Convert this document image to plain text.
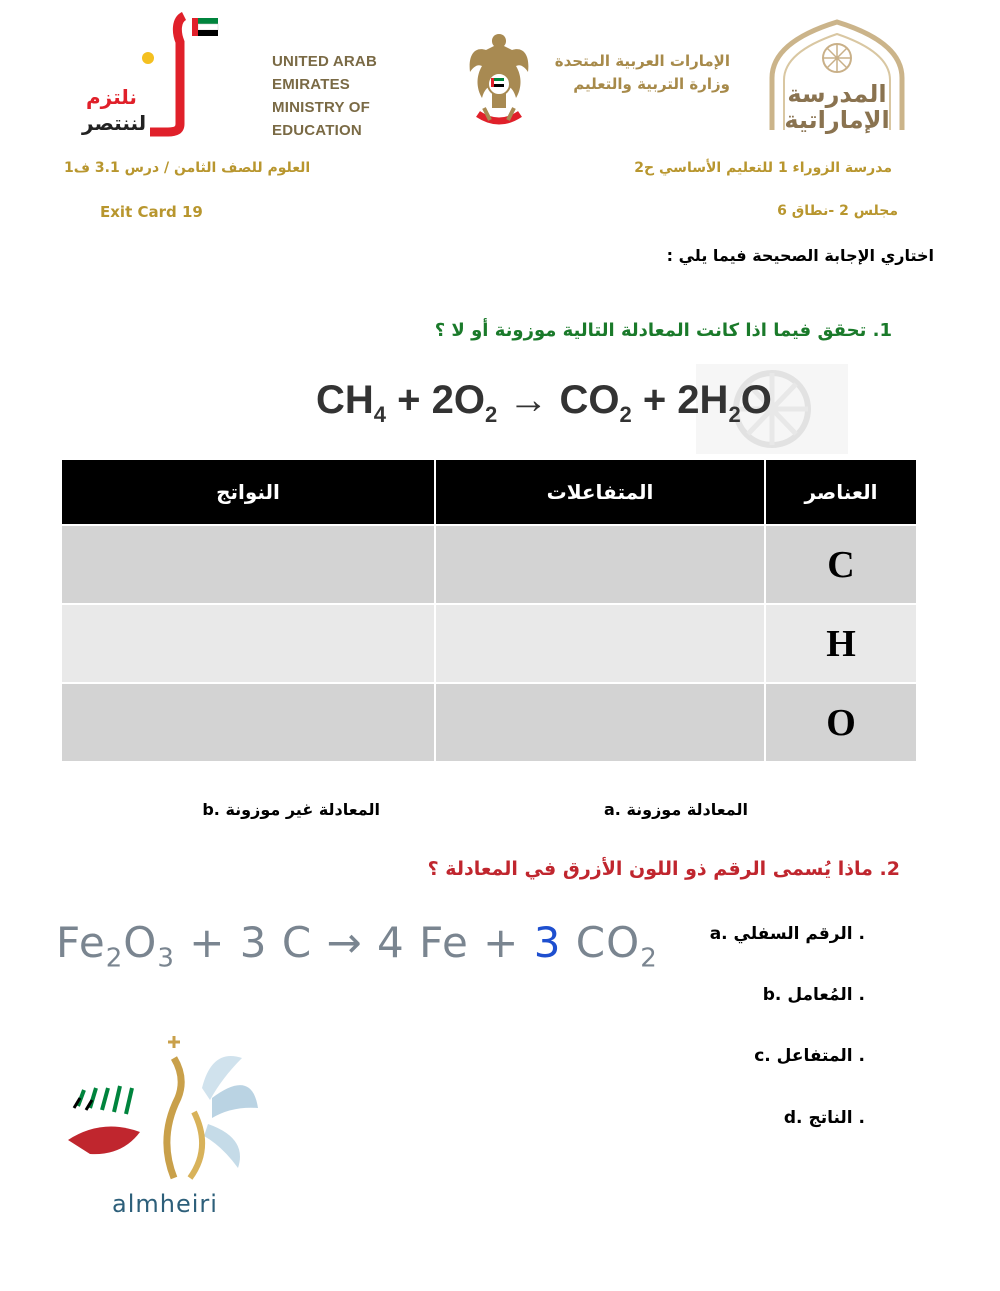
نلتزم
لننتصر
UNITED ARAB EMIRATES
MINISTRY OF EDUCATION
الإمارات العربية المتحدة
وزارة التربية والتعليم المدرسة
الإماراتية
مدرسة الزوراء 1 للتعليم الأساسي ح2
مجلس 2 -نطاق 6
العلوم للصف الثامن / درس 3.1 ف1
Exit Card 19
اختاري الإجابة الصحيحة فيما يلي :
1. تحقق فيما اذا كانت المعادلة التالية موزونة أو لا ؟
$CH_4 + 2O_2 \to CO_2 + 2H_2O$
النواتج	المتفاعلات	العناصر
		C
		H
		O
a. المعادلة موزونة
b. المعادلة غير موزونة
2. ماذا يُسمى الرقم ذو اللون الأزرق في المعادلة ؟
$Fe_2O_3 + 3$ C → 4 Fe + 3 $CO_2$
a. الرقم السفلي .
b. المُعامل .
c. المتفاعل .
d. الناتج .
almheiri
